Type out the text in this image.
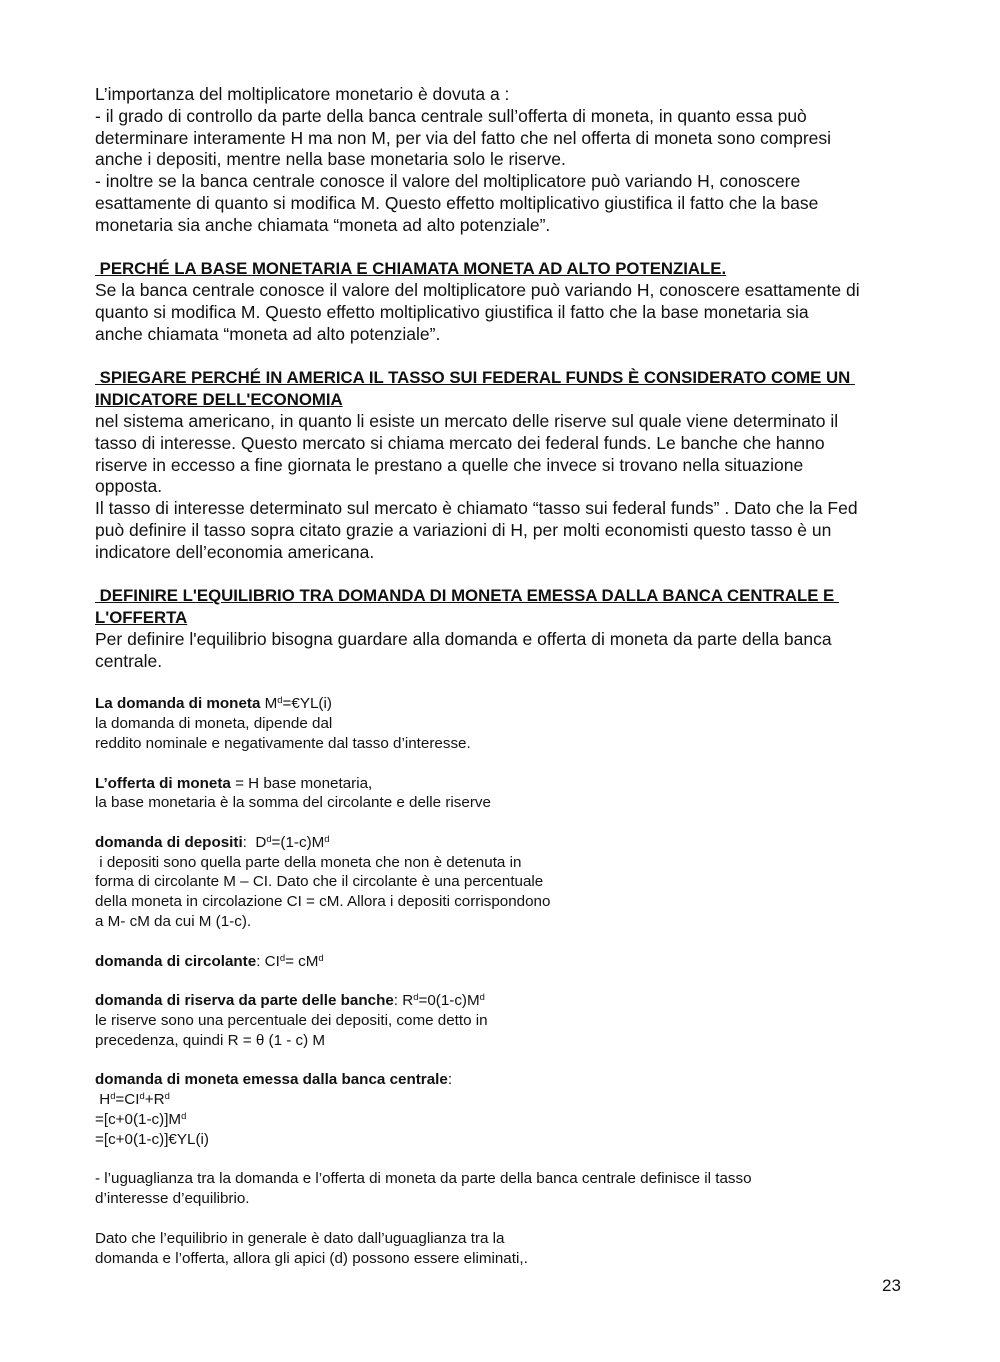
L’importanza del moltiplicatore monetario è dovuta a :
- il grado di controllo da parte della banca centrale sull’offerta di moneta, in quanto essa può
determinare interamente H ma non M, per via del fatto che nel offerta di moneta sono compresi
anche i depositi, mentre nella base monetaria solo le riserve.
- inoltre se la banca centrale conosce il valore del moltiplicatore può variando H, conoscere
esattamente di quanto si modifica M. Questo effetto moltiplicativo giustifica il fatto che la base
monetaria sia anche chiamata “moneta ad alto potenziale”.
PERCHÉ LA BASE MONETARIA E CHIAMATA MONETA AD ALTO POTENZIALE.
Se la banca centrale conosce il valore del moltiplicatore può variando H, conoscere esattamente di
quanto si modifica M. Questo effetto moltiplicativo giustifica il fatto che la base monetaria sia
anche chiamata “moneta ad alto potenziale”.
SPIEGARE PERCHÉ IN AMERICA IL TASSO SUI FEDERAL FUNDS È CONSIDERATO COME UN
INDICATORE DELL'ECONOMIA
nel sistema americano, in quanto li esiste un mercato delle riserve sul quale viene determinato il
tasso di interesse. Questo mercato si chiama mercato dei federal funds. Le banche che hanno
riserve in eccesso a fine giornata le prestano a quelle che invece si trovano nella situazione
opposta.
Il tasso di interesse determinato sul mercato è chiamato “tasso sui federal funds” . Dato che la Fed
può definire il tasso sopra citato grazie a variazioni di H, per molti economisti questo tasso è un
indicatore dell’economia americana.
DEFINIRE L'EQUILIBRIO TRA DOMANDA DI MONETA EMESSA DALLA BANCA CENTRALE E
L'OFFERTA
Per definire l'equilibrio bisogna guardare alla domanda e offerta di moneta da parte della banca
centrale.
La domanda di moneta $M^d=€YL(i)$
la domanda di moneta, dipende dal
reddito nominale e negativamente dal tasso d’interesse.
L’offerta di moneta = H base monetaria,
la base monetaria è la somma del circolante e delle riserve
domanda di depositi:  $D^d=(1-c)M^d$
i depositi sono quella parte della moneta che non è detenuta in
forma di circolante M – CI. Dato che il circolante è una percentuale
della moneta in circolazione CI = cM. Allora i depositi corrispondono
a M- cM da cui M (1-c).
domanda di circolante: $CI^d= cM^d$
domanda di riserva da parte delle banche: $R^d=0(1-c)M^d$
le riserve sono una percentuale dei depositi, come detto in
precedenza, quindi R = θ (1 - c) M
domanda di moneta emessa dalla banca centrale:
$H^d=CI^d+R^d$
$=[c+0(1-c)]M^d$
=[c+0(1-c)]€YL(i)
- l’uguaglianza tra la domanda e l’offerta di moneta da parte della banca centrale definisce il tasso
d’interesse d’equilibrio.
Dato che l’equilibrio in generale è dato dall’uguaglianza tra la
domanda e l’offerta, allora gli apici (d) possono essere eliminati,.
23
